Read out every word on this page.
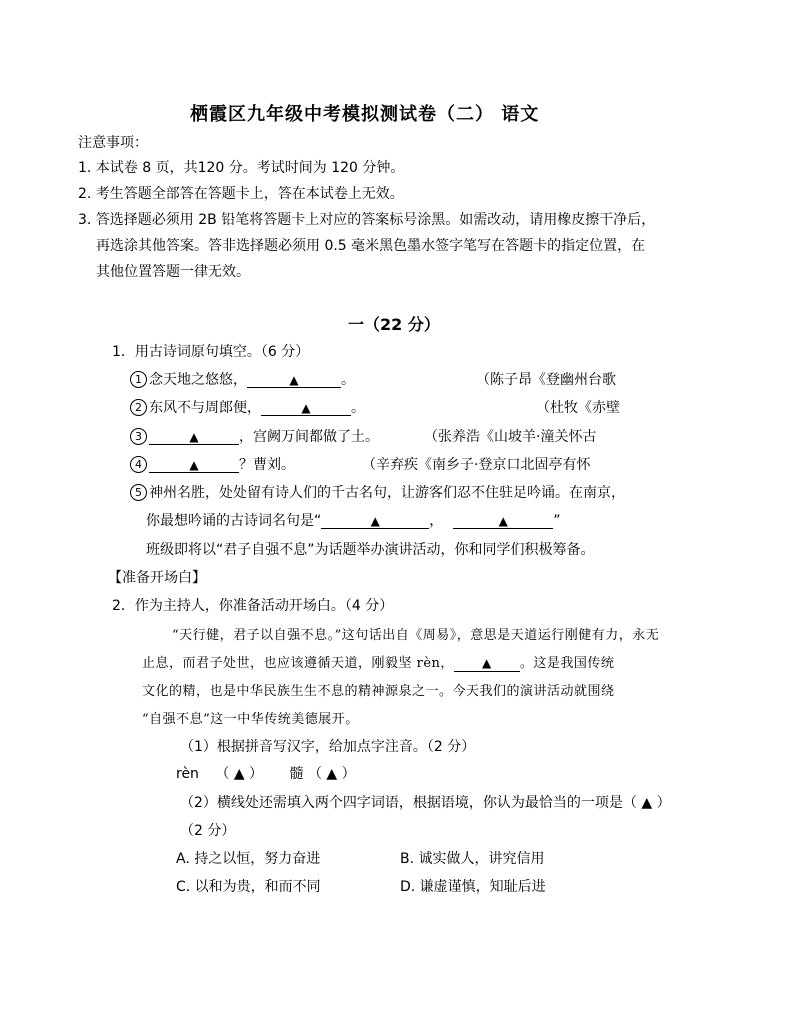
栖霞区九年级中考模拟测试卷（二） 语文
注意事项：
1. 本试卷 8 页，共120 分。考试时间为 120 分钟。
2. 考生答题全部答在答题卡上，答在本试卷上无效。
3. 答选择题必须用 2B 铅笔将答题卡上对应的答案标号涂黑。如需改动，请用橡皮擦干净后，
再选涂其他答案。答非选择题必须用 0.5 毫米黑色墨水签字笔写在答题卡的指定位置，在
其他位置答题一律无效。
一（22 分）
1．用古诗词原句填空。（6 分）
1 念天地之悠悠，	▲	。	（陈子昂《登幽州台歌
2 东风不与周郎便，	▲	。	（杜牧《赤壁
3	▲	，宫阙万间都做了土。	（张养浩《山坡羊·潼关怀古
4	▲	？曹刘。	（辛弃疾《南乡子·登京口北固亭有怀
5 神州名胜，处处留有诗人们的千古名句，让游客们忍不住驻足吟诵。在南京，
你最想吟诵的古诗词名句是“	▲	，	▲	”
班级即将以“君子自强不息”为话题举办演讲活动，你和同学们积极筹备。
【准备开场白】
2．作为主持人，你准备活动开场白。（4 分）
“天行健，君子以自强不息。”这句话出自《周易》，意思是天道运行刚健有力，永无
止息，而君子处世，也应该遵循天道，刚毅坚 rèn， ▲ 。这是我国传统
文化的精，也是中华民族生生不息的精神源泉之一。今天我们的演讲活动就围绕
“自强不息”这一中华传统美德展开。
（1）根据拼音写汉字，给加点字注音。（2 分）
rèn （ ▲ ） 髓 （ ▲ ）
（2）横线处还需填入两个四字词语，根据语境，你认为最恰当的一项是（ ▲ ）
（2 分）
A. 持之以恒，努力奋进	B. 诚实做人，讲究信用
C. 以和为贵，和而不同	D. 谦虚谨慎，知耻后进
